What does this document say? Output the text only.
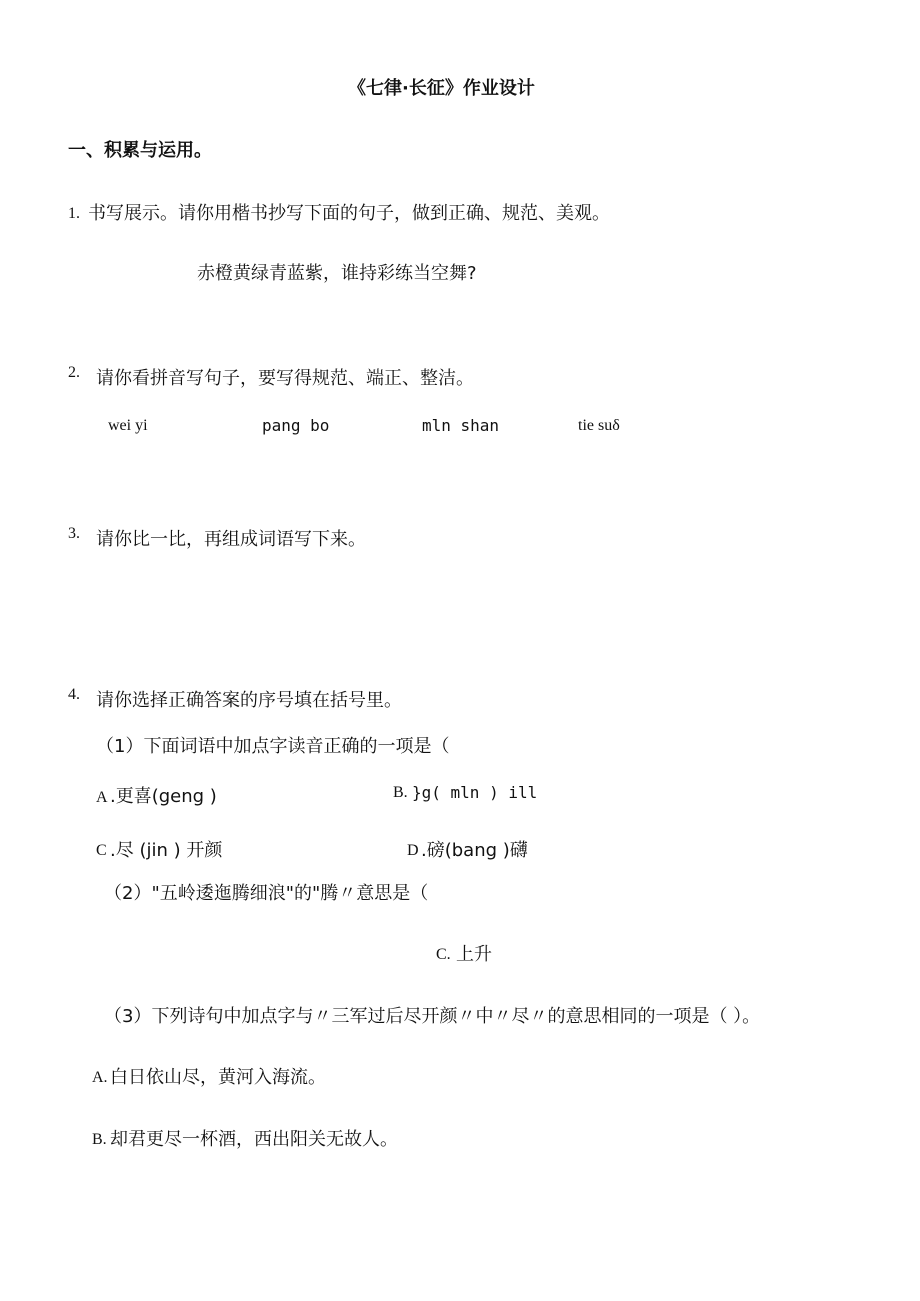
《七律·长征》作业设计
一、积累与运用。
1. 书写展示。请你用楷书抄写下面的句子，做到正确、规范、美观。
赤橙黄绿青蓝紫，谁持彩练当空舞?
2. 请你看拼音写句子，要写得规范、端正、整洁。
wei yi	pang bo	mln shan	tie suδ
3. 请你比一比，再组成词语写下来。
4. 请你选择正确答案的序号填在括号里。
（1）下面词语中加点字读音正确的一项是（
A .更喜(geng )	B. }g( mln ) ill
C .尽 (jin ) 开颜	D .磅(bang )礴
（2）"五岭逶迤腾细浪"的"腾〃意思是（
C. 上升
（3）下列诗句中加点字与〃三军过后尽开颜〃中〃尽〃的意思相同的一项是（ ）。
A. 白日依山尽，黄河入海流。
B. 却君更尽一杯酒，西出阳关无故人。
